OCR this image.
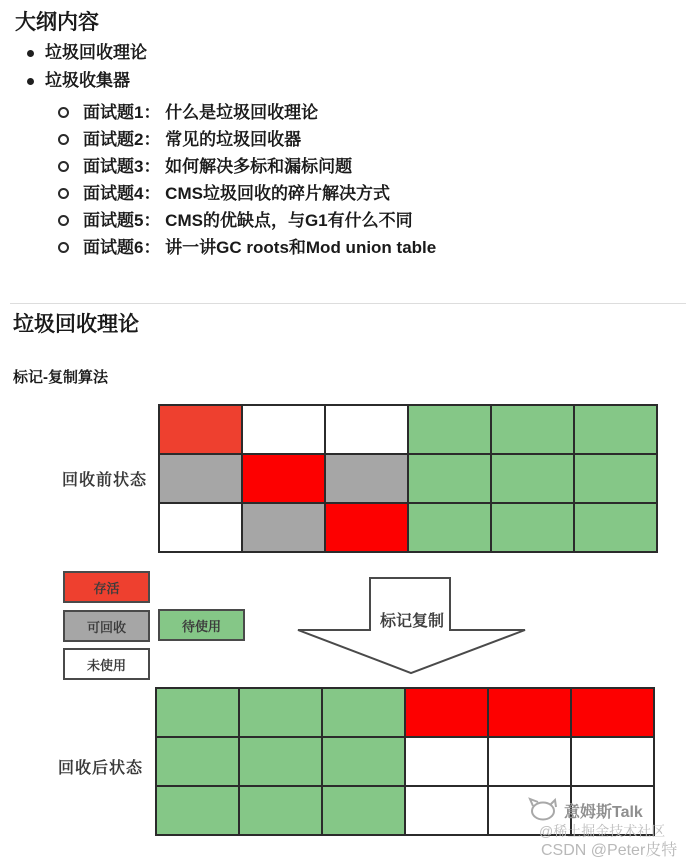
大纲内容
垃圾回收理论
垃圾收集器
面试题1： 什么是垃圾回收理论
面试题2： 常见的垃圾回收器
面试题3： 如何解决多标和漏标问题
面试题4： CMS垃圾回收的碎片解决方式
面试题5： CMS的优缺点，与G1有什么不同
面试题6： 讲一讲GC roots和Mod union table
垃圾回收理论
标记-复制算法
回收前状态
存活
可回收	待使用
未使用
标记复制
回收后状态
意姆斯Talk
@稀土掘金技术社区
CSDN @Peter皮特
